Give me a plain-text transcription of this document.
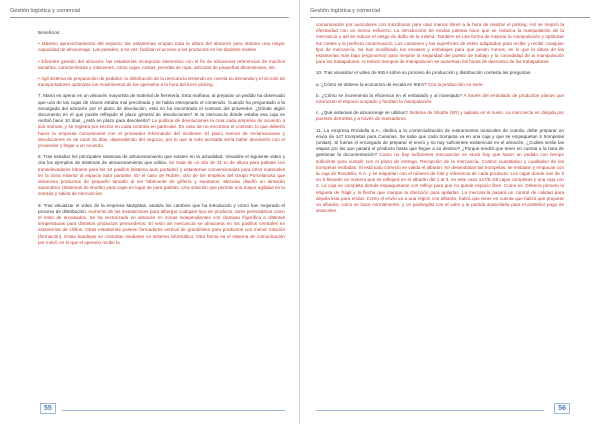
Gestión logística y comercial

Beneficios:

• Máximo aprovechamiento del espacio: las estanterías ocupan toda la altura del almacén para obtener una mayor capacidad de almacenaje. Las paredes, a su vez, facilitan el acceso a los productos en los distintos niveles.

• Eficiente gestión del almacén: las estanterías incorporan elementos con el fin de almacenar referencias de muchos tamaños, características y rotaciones, cómo cajas, cestas, prendas de ropa, artículos de pequeñas dimensiones, etc.

• Ágil sistema de preparación de pedidos: la distribución de la mercancía teniendo en cuenta su demanda y el circuito de transportadores optimizan los movimientos de los operarios a la hora del lucre picking.

7. María es operar en un almacén mayorista de material de ferretería. Esta mañana, al preparar un pedido ha observado que una de las cajas de clavos estaba mal precintada y se había estropeado el contenido. Cuando ha preguntado a la encargada del almacén por el plazo de devolución, esta no ha encontrado el contrato del proveedor. ¿Dónde algún documento en el que puede reflejado el plazo general de devoluciones? Si la mercancía dónde estaba esa caja se recibió hace 10 días, ¿está en plazo para devolverla? La política de devoluciones la crea cada empresa de acuerdo a sus normas, y se registra por escrito en cada contrato en particular. En caso de no encontrar el contrato, lo que debería hacer la empresa comunicarse con el proveedor informando del incidente. El plazo normal de reclamaciones y devoluciones es de unos 15 días, dependiendo del negocio, por lo que la más acertada sería haber devolverlo con el proveedor y llegar a un acuerdo.

8. Tras estudiar los principales sistemas de almacenamiento que existen en la actualidad. Visualiza el siguiente video y cita los ejemplos de sistemas de almacenamiento que utiliza. Se trata de un silo de 31 m de altura para paletas con transelevadores bitrams para los 10 pasillos (sistema auto portante) y estanterías convencionales para otros materiales en la zona exterior al espacio auto portante. En el caso de Rubén, otro de los empleos del Grupo Porcelanosa que almacena productos de pequeño tamaño al ser fabricante de grifería y sanitarios, Mecalux diseñó un almacén automático (Sistemas de shuttle) para cajas en lugar de para paletas. Una solución que permite una mayor agilidad en la entrada y salida de mercancías.

9. Tras visualizar el video de la empresa MasyMas, analiza los cambios que ha introducido y cómo han mejorado el proceso de distribución. Aumento de las instalaciones para albergar cualquier tipo de producto, tanto perecederos como el resto de envasados. Se ha sectorizado en almacén en zonas independientes con clamasa frigorífica a distintas temperaturas para distintos productos perecederos. El resto de mercancía se almacena en los pasillos centrales en estanterías de chillos. Otras estanterías poseen formadores vertical de grandísimo para productos con menor rotación (formación). Estas bandejas se controlan mediante un sistema informático. Otra forma es el sistema de comunicación por móvil, en lo que el operario recibe la

55
Gestión logística y comercial

comunicación por auriculares con micrófonos para usar manos libres a la hora de realizar el picking. Así se mejoró la efectividad con un menor esfuerzo. La introducción de emdas paletas hace que se reduzca la manipulación de la mercancía y así se reduce el riesgo de daño de la misma. También es una forma de mejorar la manipulación y optimizar los costes y la perfecta conservación. Los camiones y las superficies de estén adaptados para recibir y recibir cualquier tipo de mercancía. Se han modificado los envases y embalajes para que pesen menos, en lo que la altura de las estanterías más baja (ergonomía) para mejorar la seguridad del puesto de trabajo y la comodidad de la manipulación para los trabajadores. Al reducir tiempos de manipulación se aumentan los horas de descanso de los trabajadores.

10. Tras visualizar el video de IKEA sobre su proceso de producción y distribución contesta las preguntas.

a. ¿Cómo se obtiene la economía de escala en IKEA? Con la producción en serie.

b. ¿Cómo se incrementa la eficiencia en el embalado y al manejado? A través del embalado de productos planos que minimizan el espacio ocupado y facilitan la manipulación.

c. ¿Qué sistemas de almacenaje se utilizan? Sistema de Shuttle (SR) y apilado en el suelo. La mercancía es dirigida por puentes derrotilos y a través de transaderos.

11. La empresa Rondella S.A., dedica a la comercialización de instrumentos musicales de cuerda, debe preparar un envío de 147 trompetas para Canarias. Se sabe que cada trompeta va en una caja y que se empaquetan 5 trompetas (unitas). Si fueras el encargado de preparar el envío y no hay suficientes existencias en el almacén, ¿Cuáles serán las etapas por las que pasará el producto hasta que llegue a su destino? ¿Porque tendrá que tener en cuenta a la hora de gestionar la documentación? Como no hay suficientes mercancías en stock hay que hacer un pedido con tiempo suficiente para cumplir con el plazo de entrega. Recepción de la mercancía. Control cuantitativo y cualitativo de las trompetas recibidas. Si está todo correcto se valida el albarán. Se desembalan las trompetas, se embalan y empacan con la caja de Rondella, S.A. y se etiquetan con el número de lote y referencia de cada producto. Los cajas donde van de 5 en 5 llevarán un número que se reflejará en el albarán del 1 al 3, en este caso 147/5=29 cajas completas y una caja con 2. La caja se completa demás empaquetarse con reflejo para que no quede espacio libre. Como es. Debería primero la etiqueta de frágil y la flecha que marque la dirección para apilarlas. La mercancía pasará un control de calidad para dejarla lista para enviar. Como el envío va a una región con albarán, habrá que tener en cuenta que habrá que preparar un albarán, como se hace normalmente, y un packinglist con el valor y la partida arancelaria para el posterior pago de aranceles.

56
